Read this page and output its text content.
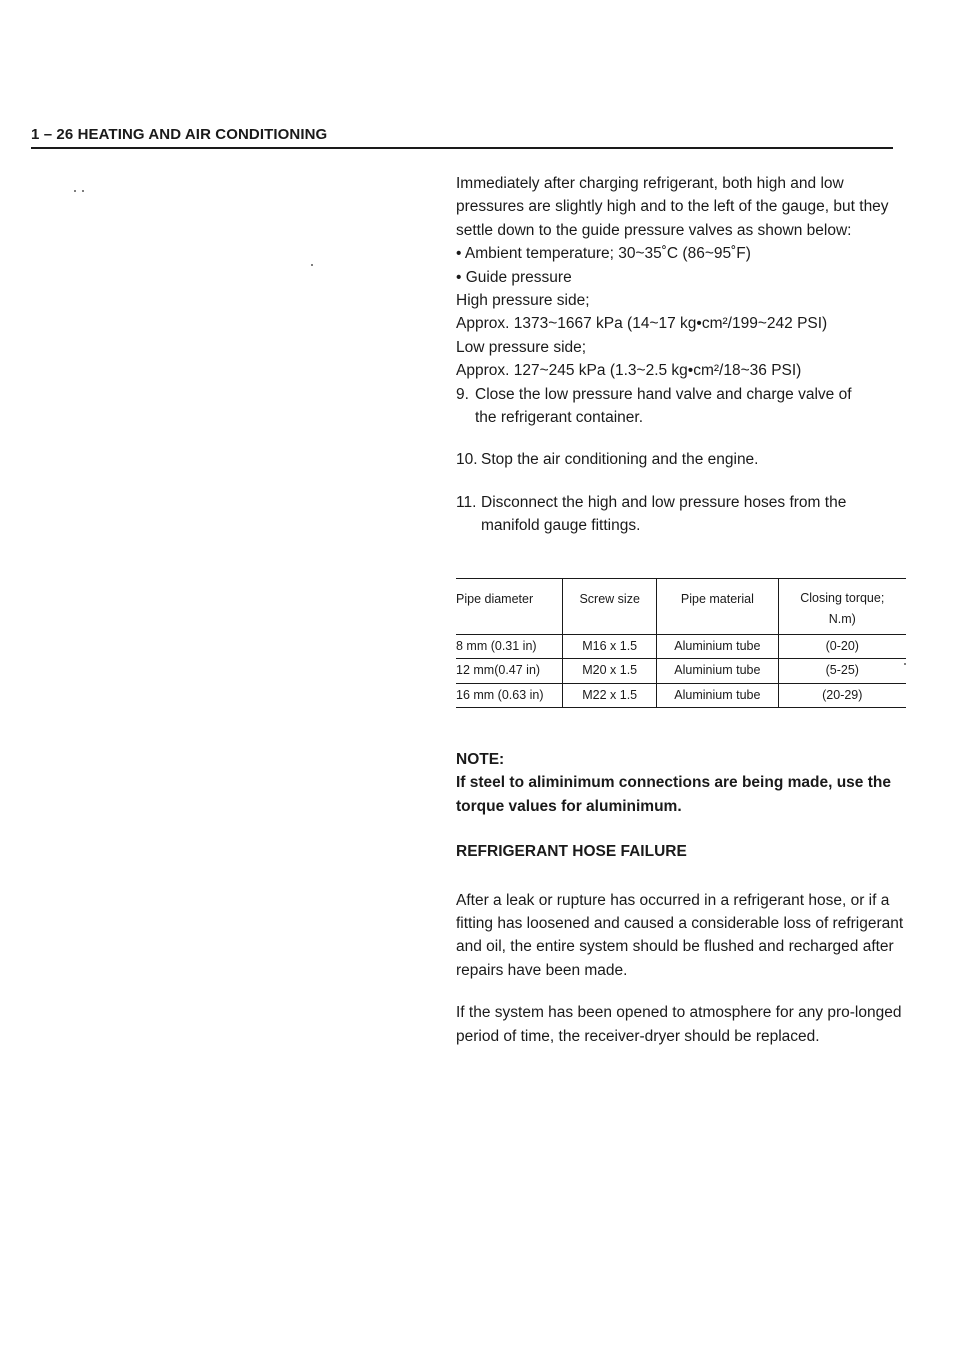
1 – 26 HEATING AND AIR CONDITIONING

Immediately after charging refrigerant, both high and low pressures are slightly high and to the left of the gauge, but they settle down to the guide pressure valves as shown below:

• Ambient temperature; 30~35˚C (86~95˚F)

• Guide pressure

High pressure side;

Approx. 1373~1667 kPa (14~17 kg•cm²/199~242 PSI)

Low pressure side;

Approx. 127~245 kPa (1.3~2.5 kg•cm²/18~36 PSI)

9. Close the low pressure hand valve and charge valve of

the refrigerant container.

10. Stop the air conditioning and the engine.

11. Disconnect the high and low pressure hoses from the

manifold gauge fittings.

Pipe diameter	Screw size	Pipe material	Closing torque;
N.m)

8 mm (0.31 in)	M16 x 1.5	Aluminium tube	(0-20)
12 mm(0.47 in)	M20 x 1.5	Aluminium tube	(5-25)
16 mm (0.63 in)	M22 x 1.5	Aluminium tube	(20-29)

NOTE:

If steel to aliminimum connections are being made, use the torque values for aluminimum.

REFRIGERANT HOSE FAILURE

After a leak or rupture has occurred in a refrigerant hose, or if a fitting has loosened and caused a considerable loss of refrigerant and oil, the entire system should be flushed and recharged after repairs have been made.

If the system has been opened to atmosphere for any pro-longed period of time, the receiver-dryer should be replaced.
